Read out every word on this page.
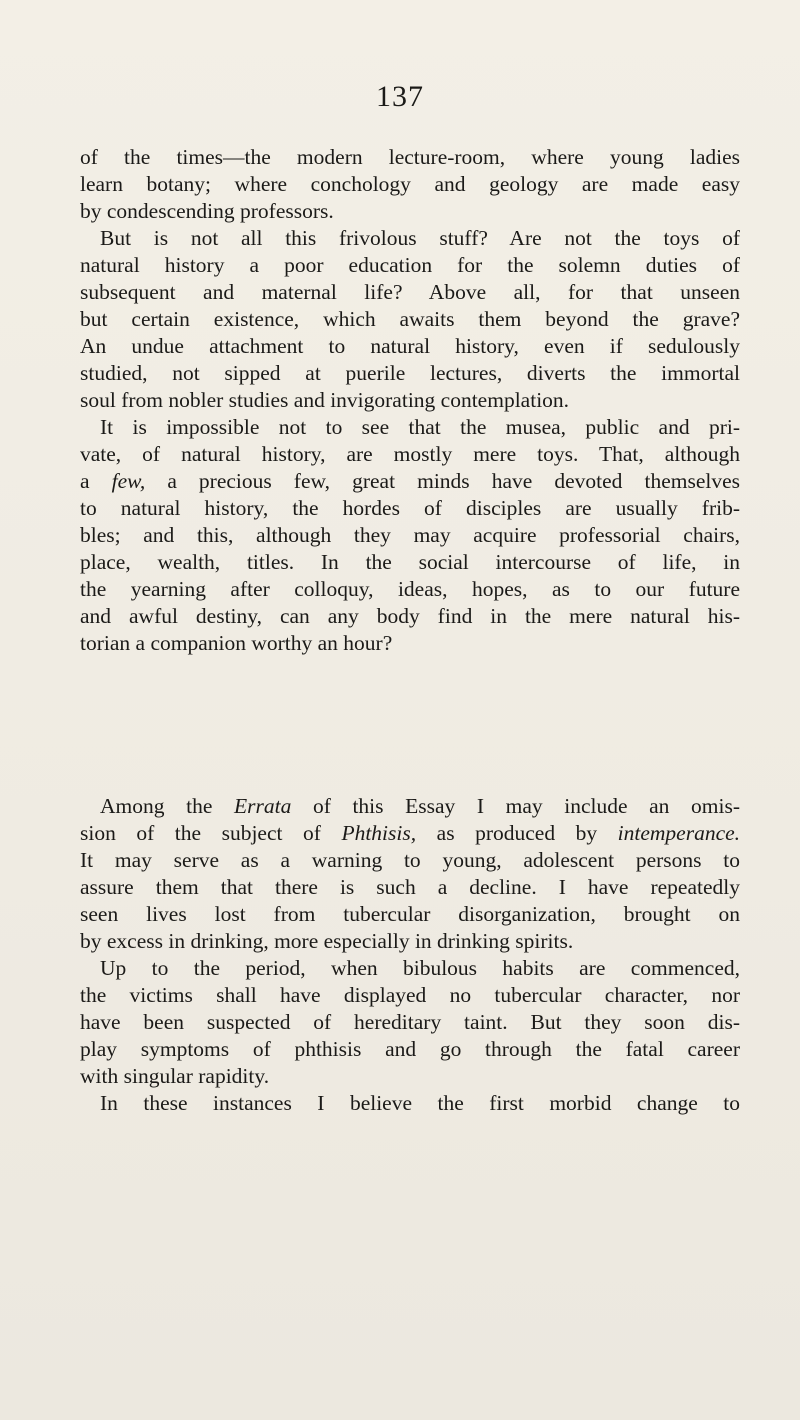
137
of the times—the modern lecture-room, where young ladies
learn botany; where conchology and geology are made easy
by condescending professors.
But is not all this frivolous stuff? Are not the toys of
natural history a poor education for the solemn duties of
subsequent and maternal life? Above all, for that unseen
but certain existence, which awaits them beyond the grave?
An undue attachment to natural history, even if sedulously
studied, not sipped at puerile lectures, diverts the immortal
soul from nobler studies and invigorating contemplation.
It is impossible not to see that the musea, public and pri-
vate, of natural history, are mostly mere toys. That, although
a few, a precious few, great minds have devoted themselves
to natural history, the hordes of disciples are usually frib-
bles; and this, although they may acquire professorial chairs,
place, wealth, titles. In the social intercourse of life, in
the yearning after colloquy, ideas, hopes, as to our future
and awful destiny, can any body find in the mere natural his-
torian a companion worthy an hour?
Among the Errata of this Essay I may include an omis-
sion of the subject of Phthisis, as produced by intemperance.
It may serve as a warning to young, adolescent persons to
assure them that there is such a decline. I have repeatedly
seen lives lost from tubercular disorganization, brought on
by excess in drinking, more especially in drinking spirits.
Up to the period, when bibulous habits are commenced,
the victims shall have displayed no tubercular character, nor
have been suspected of hereditary taint. But they soon dis-
play symptoms of phthisis and go through the fatal career
with singular rapidity.
In these instances I believe the first morbid change to
